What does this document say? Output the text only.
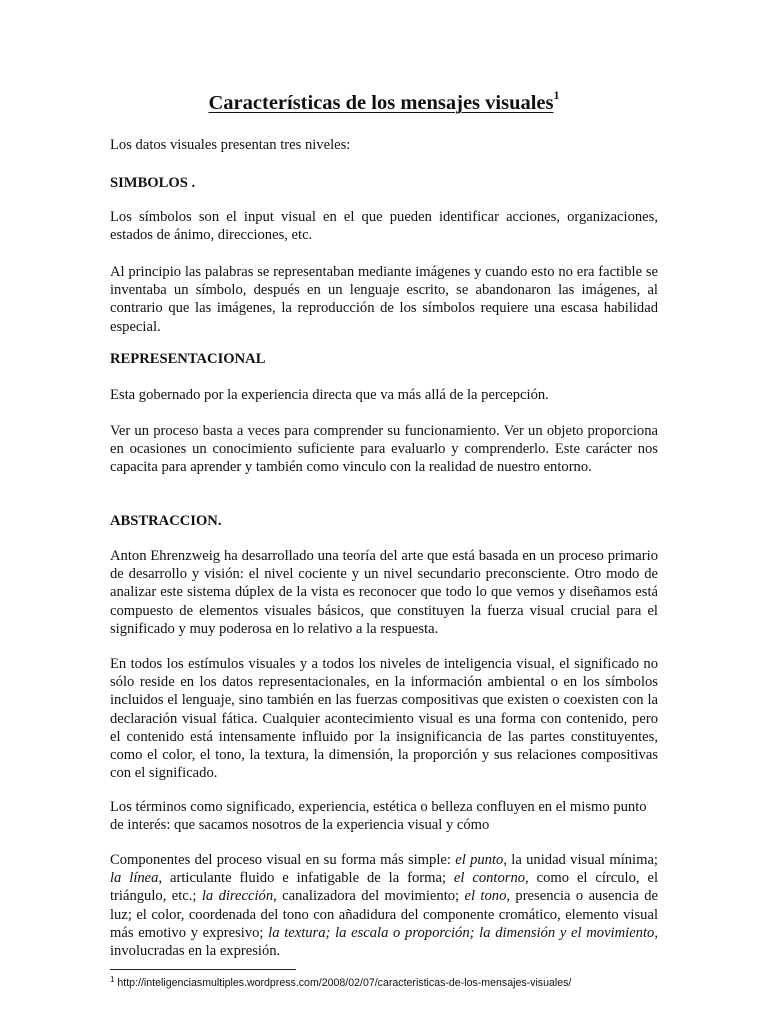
Características de los mensajes visuales$^1$

Los datos visuales presentan tres niveles:

SIMBOLOS .

Los símbolos son el input visual en el que pueden identificar acciones, organizaciones, estados de ánimo, direcciones, etc.

Al principio las palabras se representaban mediante imágenes y cuando esto no era factible se inventaba un símbolo, después en un lenguaje escrito, se abandonaron las imágenes, al contrario que las imágenes, la reproducción de los símbolos requiere una escasa habilidad especial.

REPRESENTACIONAL

Esta gobernado por la experiencia directa que va más allá de la percepción.

Ver un proceso basta a veces para comprender su funcionamiento. Ver un objeto proporciona en ocasiones un conocimiento suficiente para evaluarlo y comprenderlo. Este carácter nos capacita para aprender y también como vinculo con la realidad de nuestro entorno.

ABSTRACCION.

Anton Ehrenzweig ha desarrollado una teoría del arte que está basada en un proceso primario de desarrollo y visión: el nivel cociente y un nivel secundario preconsciente. Otro modo de analizar este sistema dúplex de la vista es reconocer que todo lo que vemos y diseñamos está compuesto de elementos visuales básicos, que constituyen la fuerza visual crucial para el significado y muy poderosa en lo relativo a la respuesta.

En todos los estímulos visuales y a todos los niveles de inteligencia visual, el significado no sólo reside en los datos representacionales, en la información ambiental o en los símbolos incluidos el lenguaje, sino también en las fuerzas compositivas que existen o coexisten con la declaración visual fática. Cualquier acontecimiento visual es una forma con contenido, pero el contenido está intensamente influido por la insignificancia de las partes constituyentes, como el color, el tono, la textura, la dimensión, la proporción y sus relaciones compositivas con el significado.

Los términos como significado, experiencia, estética o belleza confluyen en el mismo punto de interés: que sacamos nosotros de la experiencia visual y cómo

Componentes del proceso visual en su forma más simple: el punto, la unidad visual mínima; la línea, articulante fluido e infatigable de la forma; el contorno, como el círculo, el triángulo, etc.; la dirección, canalizadora del movimiento; el tono, presencia o ausencia de luz; el color, coordenada del tono con añadidura del componente cromático, elemento visual más emotivo y expresivo; la textura; la escala o proporción; la dimensión y el movimiento, involucradas en la expresión.

$^1$ http://inteligenciasmultiples.wordpress.com/2008/02/07/caracteristicas-de-los-mensajes-visuales/
